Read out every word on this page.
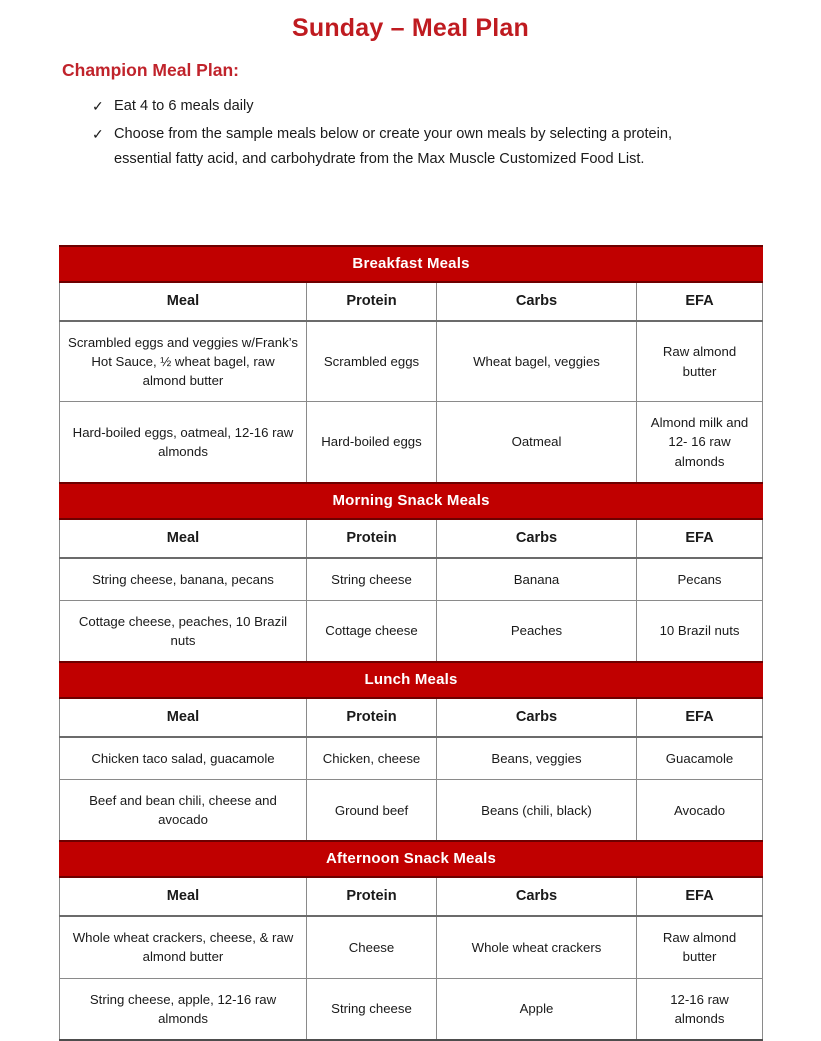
Sunday – Meal Plan
Champion Meal Plan:
✓ Eat 4 to 6 meals daily
✓ Choose from the sample meals below or create your own meals by selecting a protein, essential fatty acid, and carbohydrate from the Max Muscle Customized Food List.
Breakfast Meals			
Meal	Protein	Carbs	EFA
Scrambled eggs and veggies w/Frank’s Hot Sauce, ½ wheat bagel, raw almond butter	Scrambled eggs	Wheat bagel, veggies	Raw almond butter
Hard-boiled eggs, oatmeal, 12-16 raw almonds	Hard-boiled eggs	Oatmeal	Almond milk and 12- 16 raw almonds
Morning Snack Meals			
Meal	Protein	Carbs	EFA
String cheese, banana, pecans	String cheese	Banana	Pecans
Cottage cheese, peaches, 10 Brazil nuts	Cottage cheese	Peaches	10 Brazil nuts
Lunch Meals			
Meal	Protein	Carbs	EFA
Chicken taco salad, guacamole	Chicken, cheese	Beans, veggies	Guacamole
Beef and bean chili, cheese and avocado	Ground beef	Beans (chili, black)	Avocado
Afternoon Snack Meals			
Meal	Protein	Carbs	EFA
Whole wheat crackers, cheese, & raw almond butter	Cheese	Whole wheat crackers	Raw almond butter
String cheese, apple, 12-16 raw almonds	String cheese	Apple	12-16 raw almonds
